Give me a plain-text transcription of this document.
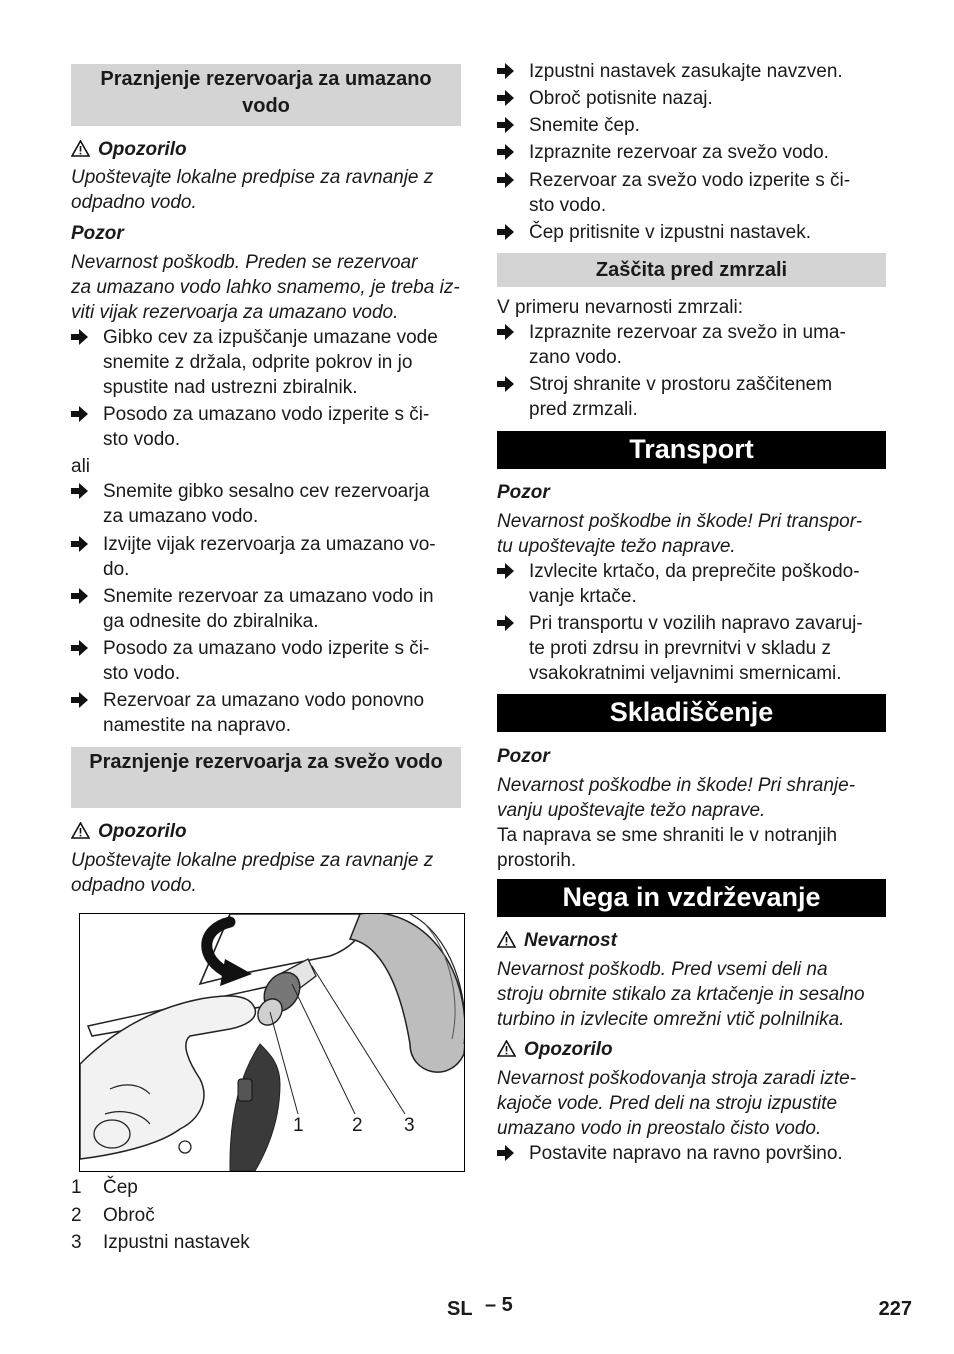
Praznjenje rezervoarja za umazano vodo
Opozorilo
Upoštevajte lokalne predpise za ravnanje z
odpadno vodo.
Pozor
Nevarnost poškodb. Preden se rezervoar
za umazano vodo lahko snamemo, je treba iz-
viti vijak rezervoarja za umazano vodo.
Gibko cev za izpuščanje umazane vode
snemite z držala, odprite pokrov in jo
spustite nad ustrezni zbiralnik.
Posodo za umazano vodo izperite s či-
sto vodo.
ali
Snemite gibko sesalno cev rezervoarja
za umazano vodo.
Izvijte vijak rezervoarja za umazano vo-
do.
Snemite rezervoar za umazano vodo in
ga odnesite do zbiralnika.
Posodo za umazano vodo izperite s či-
sto vodo.
Rezervoar za umazano vodo ponovno
namestite na napravo.
Praznjenje rezervoarja za svežo vodo
Opozorilo
Upoštevajte lokalne predpise za ravnanje z
odpadno vodo.
1 Čep
2 Obroč
3 Izpustni nastavek
1	2 3
Izpustni nastavek zasukajte navzven.
Obroč potisnite nazaj.
Snemite čep.
Izpraznite rezervoar za svežo vodo.
Rezervoar za svežo vodo izperite s či-
sto vodo.
Čep pritisnite v izpustni nastavek.
Zaščita pred zmrzali
V primeru nevarnosti zmrzali:
Izpraznite rezervoar za svežo in uma-
zano vodo.
Stroj shranite v prostoru zaščitenem
pred zrmzali.
Transport
Pozor
Nevarnost poškodbe in škode! Pri transpor-
tu upoštevajte težo naprave.
Izvlecite krtačo, da preprečite poškodo-
vanje krtače.
Pri transportu v vozilih napravo zavaruj-
te proti zdrsu in prevrnitvi v skladu z
vsakokratnimi veljavnimi smernicami.
Skladiščenje
Pozor
Nevarnost poškodbe in škode! Pri shranje-
vanju upoštevajte težo naprave.
Ta naprava se sme shraniti le v notranjih
prostorih.
Nega in vzdrževanje
Nevarnost
Nevarnost poškodb. Pred vsemi deli na
stroju obrnite stikalo za krtačenje in sesalno
turbino in izvlecite omrežni vtič polnilnika.
Opozorilo
Nevarnost poškodovanja stroja zaradi izte-
kajoče vode. Pred deli na stroju izpustite
umazano vodo in preostalo čisto vodo.
Postavite napravo na ravno površino.
SL – 5	227
